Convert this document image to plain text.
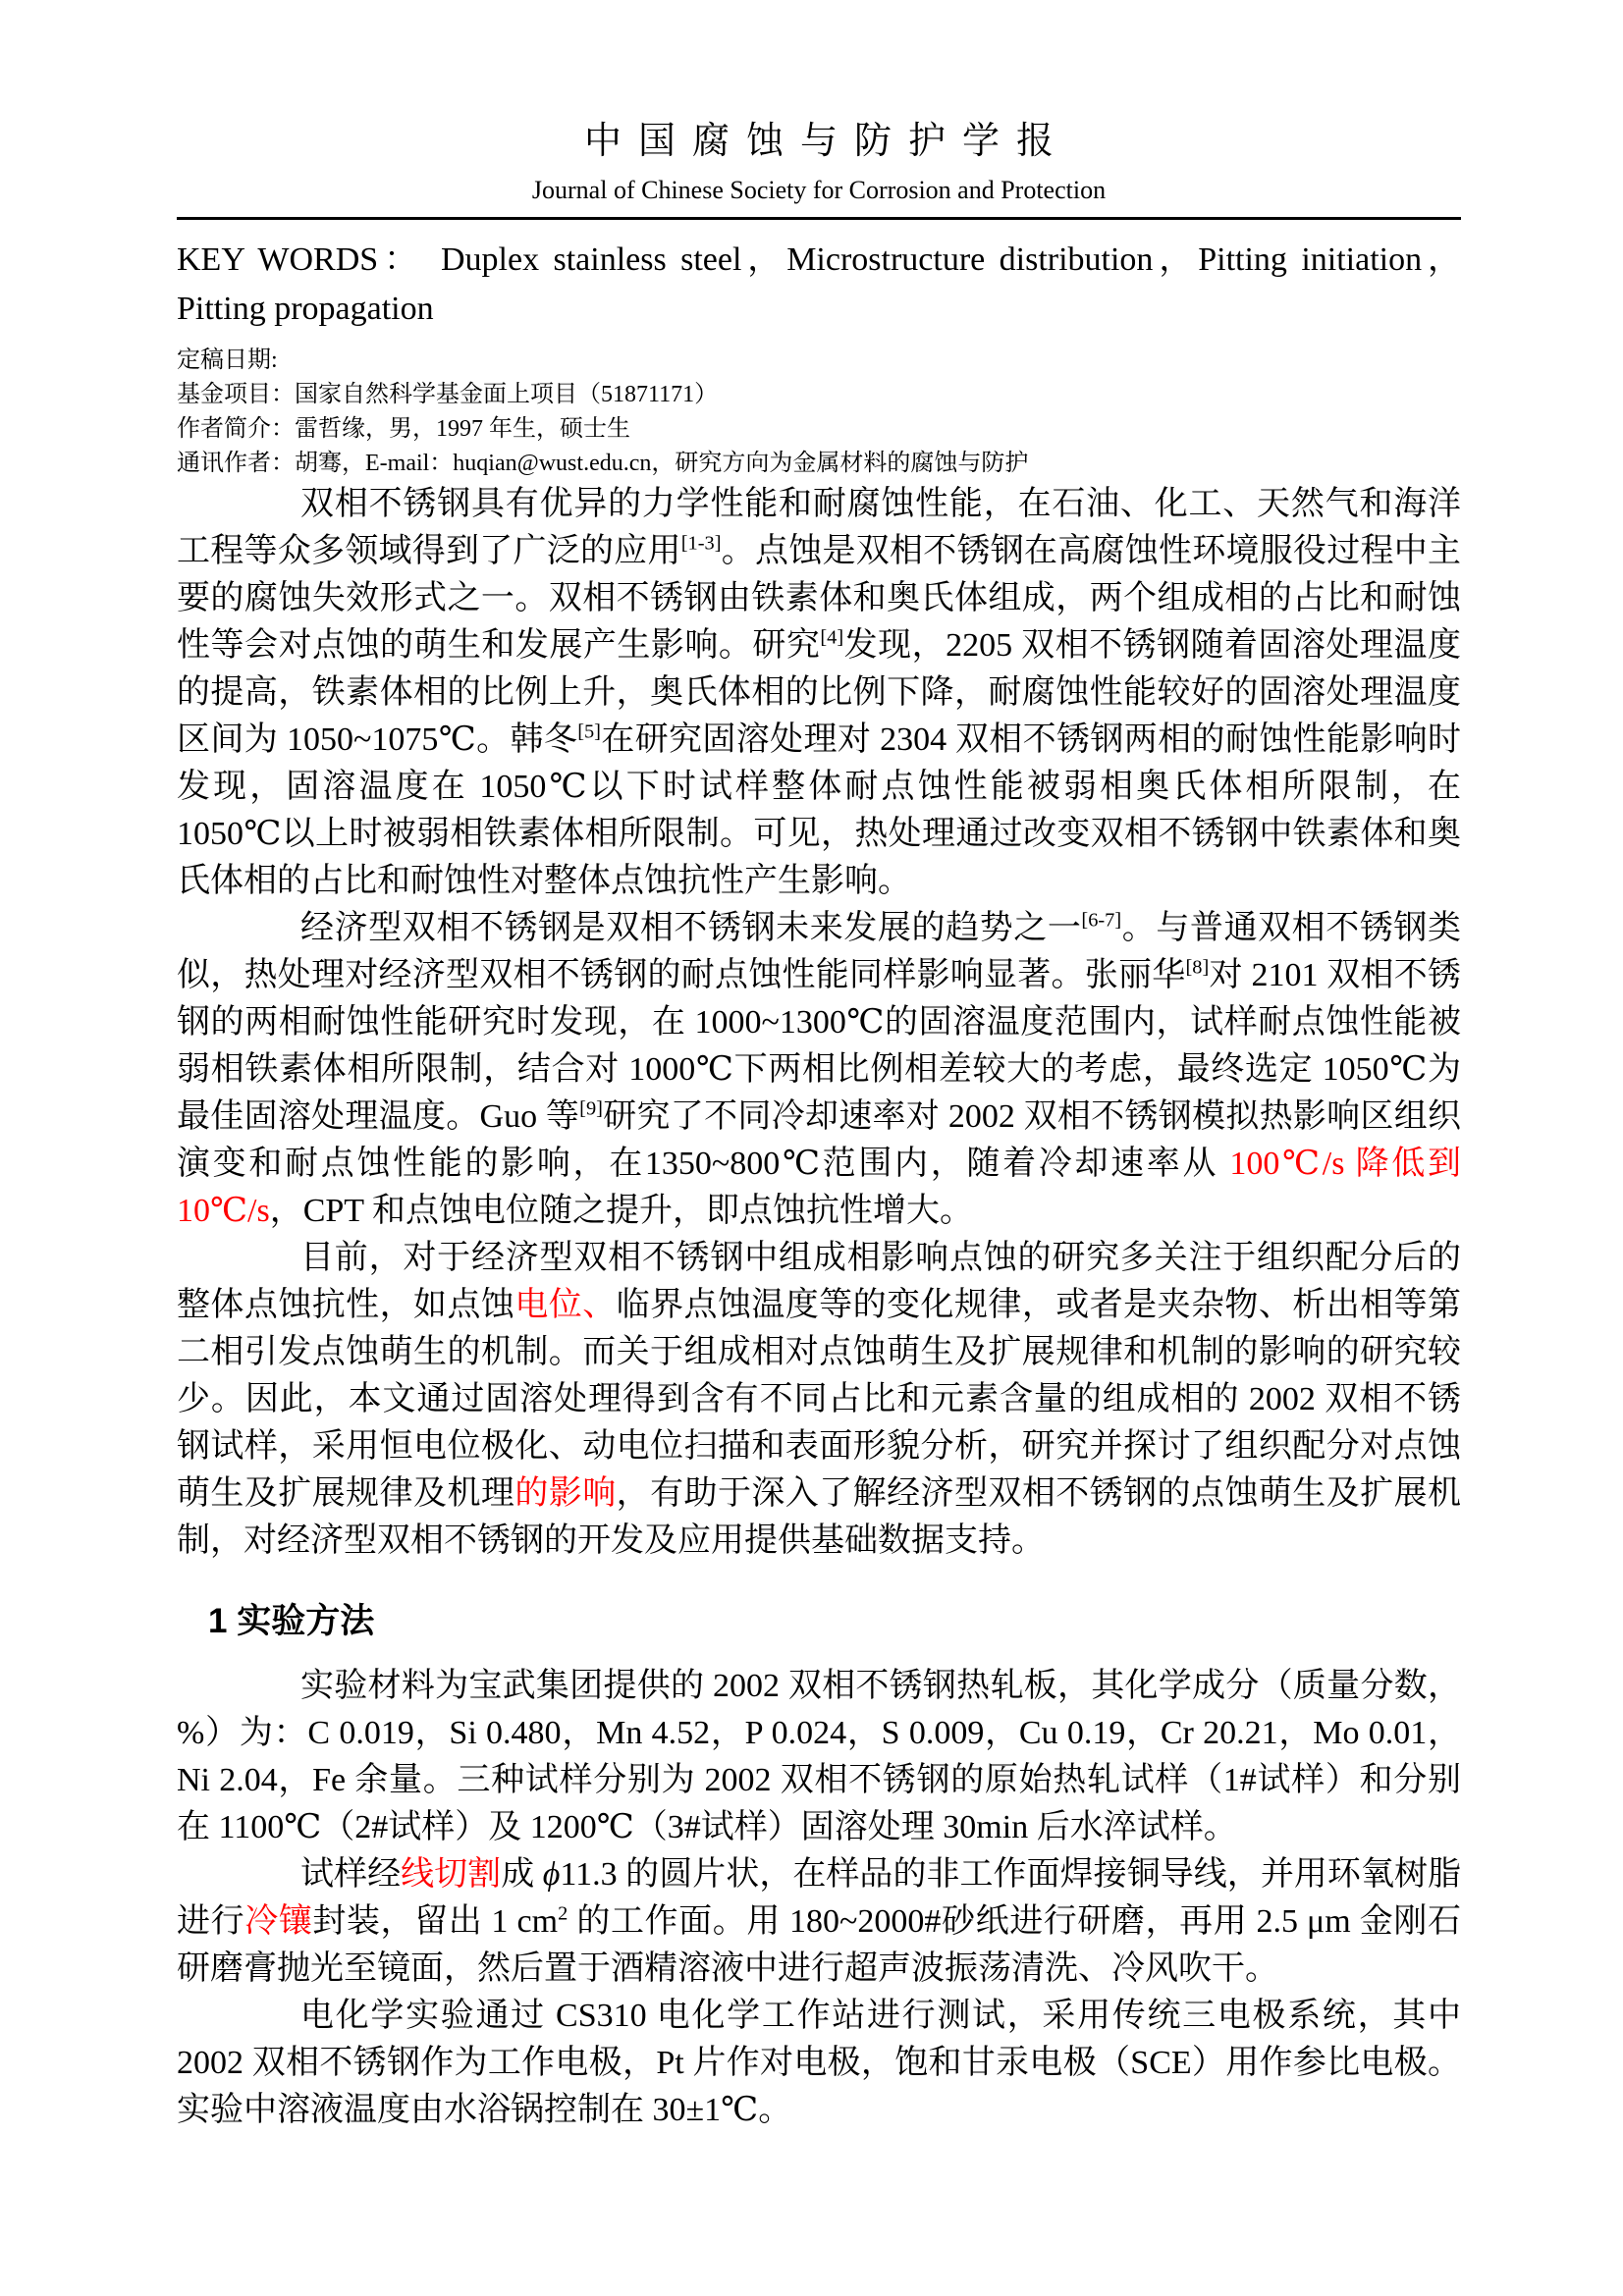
中国腐蚀与防护学报
Journal of Chinese Society for Corrosion and Protection
KEY WORDS： Duplex stainless steel，Microstructure distribution，Pitting initiation，Pitting propagation
定稿日期:
基金项目：国家自然科学基金面上项目（51871171）
作者简介：雷哲缘，男，1997 年生，硕士生
通讯作者：胡骞，E-mail：huqian@wust.edu.cn，研究方向为金属材料的腐蚀与防护

双相不锈钢具有优异的力学性能和耐腐蚀性能，在石油、化工、天然气和海洋工程等众多领域得到了广泛的应用[1-3]。点蚀是双相不锈钢在高腐蚀性环境服役过程中主要的腐蚀失效形式之一。双相不锈钢由铁素体和奥氏体组成，两个组成相的占比和耐蚀性等会对点蚀的萌生和发展产生影响。研究[4]发现，2205 双相不锈钢随着固溶处理温度的提高，铁素体相的比例上升，奥氏体相的比例下降，耐腐蚀性能较好的固溶处理温度区间为 1050~1075℃。韩冬[5]在研究固溶处理对 2304 双相不锈钢两相的耐蚀性能影响时发现，固溶温度在 1050℃以下时试样整体耐点蚀性能被弱相奥氏体相所限制，在 1050℃以上时被弱相铁素体相所限制。可见，热处理通过改变双相不锈钢中铁素体和奥氏体相的占比和耐蚀性对整体点蚀抗性产生影响。

经济型双相不锈钢是双相不锈钢未来发展的趋势之一[6-7]。与普通双相不锈钢类似，热处理对经济型双相不锈钢的耐点蚀性能同样影响显著。张丽华[8]对 2101 双相不锈钢的两相耐蚀性能研究时发现，在 1000~1300℃的固溶温度范围内，试样耐点蚀性能被弱相铁素体相所限制，结合对 1000℃下两相比例相差较大的考虑，最终选定 1050℃为最佳固溶处理温度。Guo 等[9]研究了不同冷却速率对 2002 双相不锈钢模拟热影响区组织演变和耐点蚀性能的影响，在1350~800℃范围内，随着冷却速率从 100℃/s 降低到 10℃/s，CPT 和点蚀电位随之提升，即点蚀抗性增大。

目前，对于经济型双相不锈钢中组成相影响点蚀的研究多关注于组织配分后的整体点蚀抗性，如点蚀电位、临界点蚀温度等的变化规律，或者是夹杂物、析出相等第二相引发点蚀萌生的机制。而关于组成相对点蚀萌生及扩展规律和机制的影响的研究较少。因此，本文通过固溶处理得到含有不同占比和元素含量的组成相的 2002 双相不锈钢试样，采用恒电位极化、动电位扫描和表面形貌分析，研究并探讨了组织配分对点蚀萌生及扩展规律及机理的影响，有助于深入了解经济型双相不锈钢的点蚀萌生及扩展机制，对经济型双相不锈钢的开发及应用提供基础数据支持。

1 实验方法

实验材料为宝武集团提供的 2002 双相不锈钢热轧板，其化学成分（质量分数，%）为：C 0.019，Si 0.480，Mn 4.52，P 0.024，S 0.009，Cu 0.19，Cr 20.21，Mo 0.01，Ni 2.04，Fe 余量。三种试样分别为 2002 双相不锈钢的原始热轧试样（1#试样）和分别在 1100℃（2#试样）及 1200℃（3#试样）固溶处理 30min 后水淬试样。

试样经线切割成 ϕ11.3 的圆片状，在样品的非工作面焊接铜导线，并用环氧树脂进行冷镶封装，留出 1 $cm^2$ 的工作面。用 180~2000#砂纸进行研磨，再用 2.5 μm 金刚石研磨膏抛光至镜面，然后置于酒精溶液中进行超声波振荡清洗、冷风吹干。

电化学实验通过 CS310 电化学工作站进行测试，采用传统三电极系统，其中 2002 双相不锈钢作为工作电极，Pt 片作对电极，饱和甘汞电极（SCE）用作参比电极。实验中溶液温度由水浴锅控制在 30±1℃。
